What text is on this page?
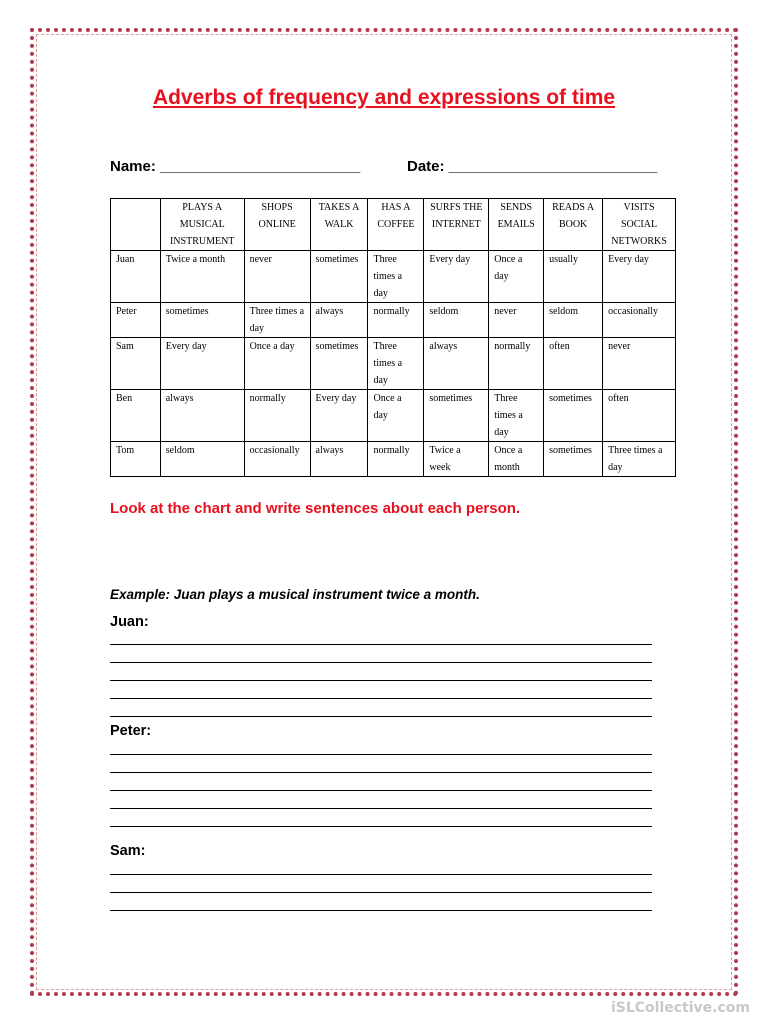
Adverbs of frequency and expressions of time
Name: ________________________	Date: _________________________
	PLAYS A MUSICAL INSTRUMENT	SHOPS ONLINE	TAKES A WALK	HAS A COFFEE	SURFS THE INTERNET	SENDS EMAILS	READS A BOOK	VISITS SOCIAL NETWORKS
Juan	Twice a month	never	sometimes	Three times a day	Every day	Once a day	usually	Every day
Peter	sometimes	Three times a day	always	normally	seldom	never	seldom	occasionally
Sam	Every day	Once a day	sometimes	Three times a day	always	normally	often	never
Ben	always	normally	Every day	Once a day	sometimes	Three times a day	sometimes	often
Tom	seldom	occasionally	always	normally	Twice a week	Once a month	sometimes	Three times a day
Look at the chart and write sentences about each person.
Example: Juan plays a musical instrument twice a month.
Juan:
Peter:
Sam:
iSLCollective.com
